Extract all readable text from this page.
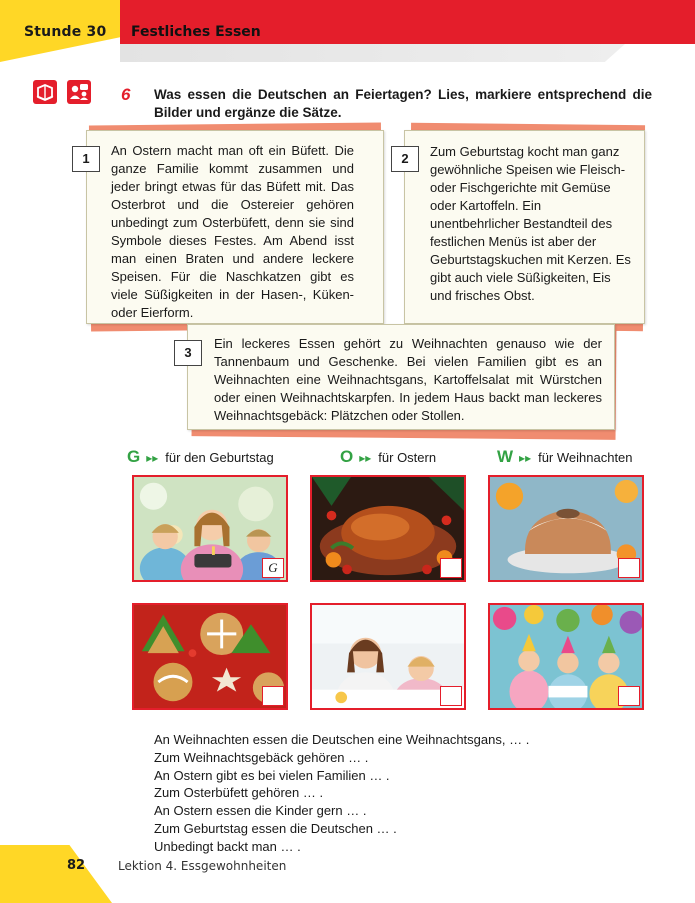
Stunde 30 Festliches Essen
6 Was essen die Deutschen an Feiertagen? Lies, markiere entsprechend die Bilder und ergänze die Sätze.

An Ostern macht man oft ein Büfett. Die ganze Familie kommt zusammen und jeder bringt etwas für das Büfett mit. Das Osterbrot und die Ostereier gehören unbedingt zum Osterbüfett, denn sie sind Symbole dieses Festes. Am Abend isst man einen Braten und andere leckere Speisen. Für die Naschkatzen gibt es viele Süßigkeiten in der Hasen-, Küken- oder Eierform.

1	Zum Geburtstag kocht man ganz gewöhnliche Speisen wie Fleisch- oder Fischgerichte mit Gemüse oder Kartoffeln. Ein unentbehrlicher Bestandteil des festlichen Menüs ist aber der Geburtstagskuchen mit Kerzen. Es gibt auch viele Süßigkeiten, Eis und frisches Obst.

2

Ein leckeres Essen gehört zu Weihnachten genauso wie der Tannenbaum und Geschenke. Bei vielen Familien gibt es an Weihnachten eine Weihnachtsgans, Kartoffelsalat mit Würstchen oder einen Weihnachtskarpfen. In jedem Haus backt man leckeres Weihnachtsgebäck: Plätzchen oder Stollen.

3
G ▸▸ für den Geburtstag	O ▸▸ für Ostern	W ▸▸ für Weihnachten
G
An Weihnachten essen die Deutschen eine Weihnachtsgans, … .
Zum Weihnachtsgebäck gehören … .
An Ostern gibt es bei vielen Familien … .
Zum Osterbüfett gehören … .
An Ostern essen die Kinder gern … .
Zum Geburtstag essen die Deutschen … .
Unbedingt backt man … .
82	Lektion 4. Essgewohnheiten
